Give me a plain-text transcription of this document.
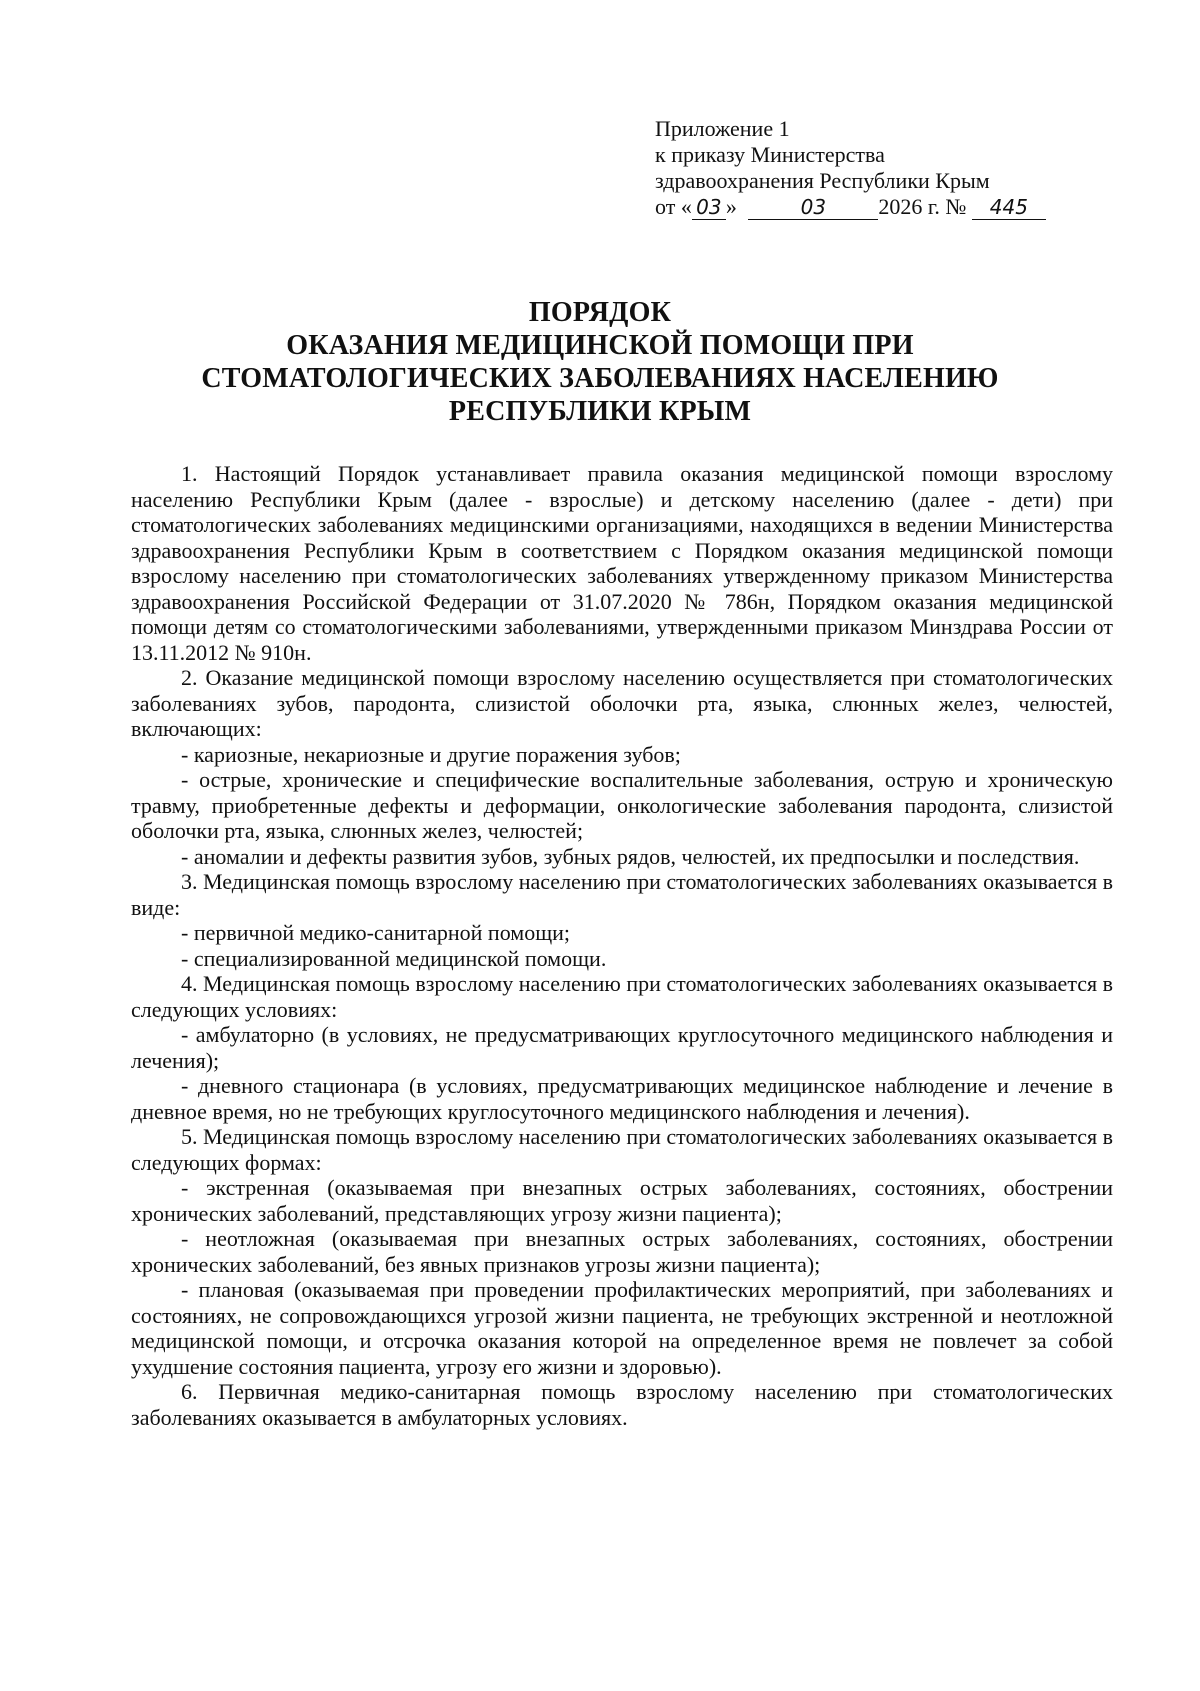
Приложение 1
к приказу Министерства
здравоохранения Республики Крым
от « 03 »	03 2026 г. № 445
ПОРЯДОК
ОКАЗАНИЯ МЕДИЦИНСКОЙ ПОМОЩИ ПРИ
СТОМАТОЛОГИЧЕСКИХ ЗАБОЛЕВАНИЯХ НАСЕЛЕНИЮ
РЕСПУБЛИКИ КРЫМ

1. Настоящий Порядок устанавливает правила оказания медицинской помощи взрослому населению Республики Крым (далее - взрослые) и детскому населению (далее - дети) при стоматологических заболеваниях медицинскими организациями, находящихся в ведении Министерства здравоохранения Республики Крым в соответствием с Порядком оказания медицинской помощи взрослому населению при стоматологических заболеваниях утвержденному приказом Министерства здравоохранения Российской Федерации от 31.07.2020 № 786н, Порядком оказания медицинской помощи детям со стоматологическими заболеваниями, утвержденными приказом Минздрава России от 13.11.2012 № 910н.

2. Оказание медицинской помощи взрослому населению осуществляется при стоматологических заболеваниях зубов, пародонта, слизистой оболочки рта, языка, слюнных желез, челюстей, включающих:

- кариозные, некариозные и другие поражения зубов;

- острые, хронические и специфические воспалительные заболевания, острую и хроническую травму, приобретенные дефекты и деформации, онкологические заболевания пародонта, слизистой оболочки рта, языка, слюнных желез, челюстей;

- аномалии и дефекты развития зубов, зубных рядов, челюстей, их предпосылки и последствия.

3. Медицинская помощь взрослому населению при стоматологических заболеваниях оказывается в виде:

- первичной медико-санитарной помощи;

- специализированной медицинской помощи.

4. Медицинская помощь взрослому населению при стоматологических заболеваниях оказывается в следующих условиях:

- амбулаторно (в условиях, не предусматривающих круглосуточного медицинского наблюдения и лечения);

- дневного стационара (в условиях, предусматривающих медицинское наблюдение и лечение в дневное время, но не требующих круглосуточного медицинского наблюдения и лечения).

5. Медицинская помощь взрослому населению при стоматологических заболеваниях оказывается в следующих формах:

- экстренная (оказываемая при внезапных острых заболеваниях, состояниях, обострении хронических заболеваний, представляющих угрозу жизни пациента);

- неотложная (оказываемая при внезапных острых заболеваниях, состояниях, обострении хронических заболеваний, без явных признаков угрозы жизни пациента);

- плановая (оказываемая при проведении профилактических мероприятий, при заболеваниях и состояниях, не сопровождающихся угрозой жизни пациента, не требующих экстренной и неотложной медицинской помощи, и отсрочка оказания которой на определенное время не повлечет за собой ухудшение состояния пациента, угрозу его жизни и здоровью).

6. Первичная медико-санитарная помощь взрослому населению при стоматологических заболеваниях оказывается в амбулаторных условиях.
